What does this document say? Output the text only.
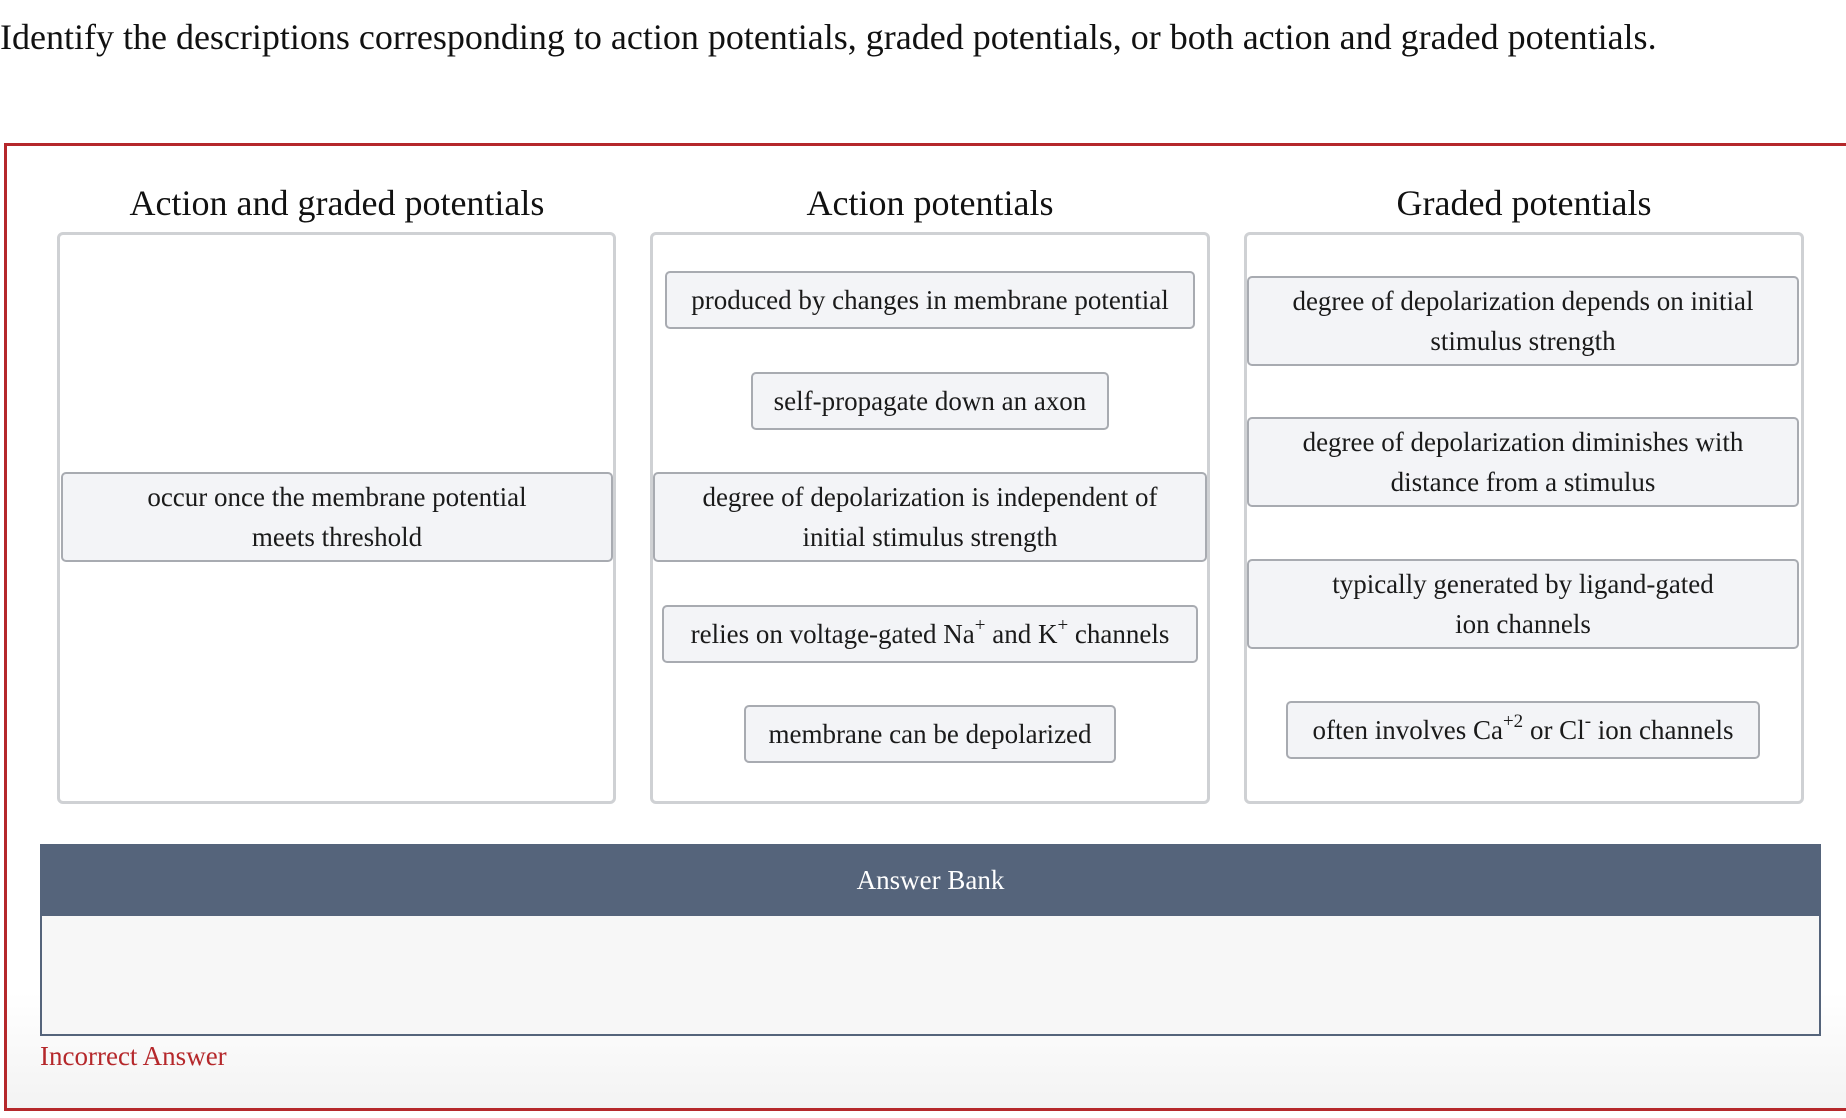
Identify the descriptions corresponding to action potentials, graded potentials, or both action and graded potentials.
Action and graded potentials	Action potentials	Graded potentials
occur once the membrane potential
meets threshold
produced by changes in membrane potential
self-propagate down an axon
degree of depolarization is independent of
initial stimulus strength
relies on voltage-gated Na+ and K+ channels
membrane can be depolarized
degree of depolarization depends on initial
stimulus strength
degree of depolarization diminishes with
distance from a stimulus
typically generated by ligand-gated
ion channels
often involves $Ca^{+2}$ or Cl- ion channels
Answer Bank
Incorrect Answer
